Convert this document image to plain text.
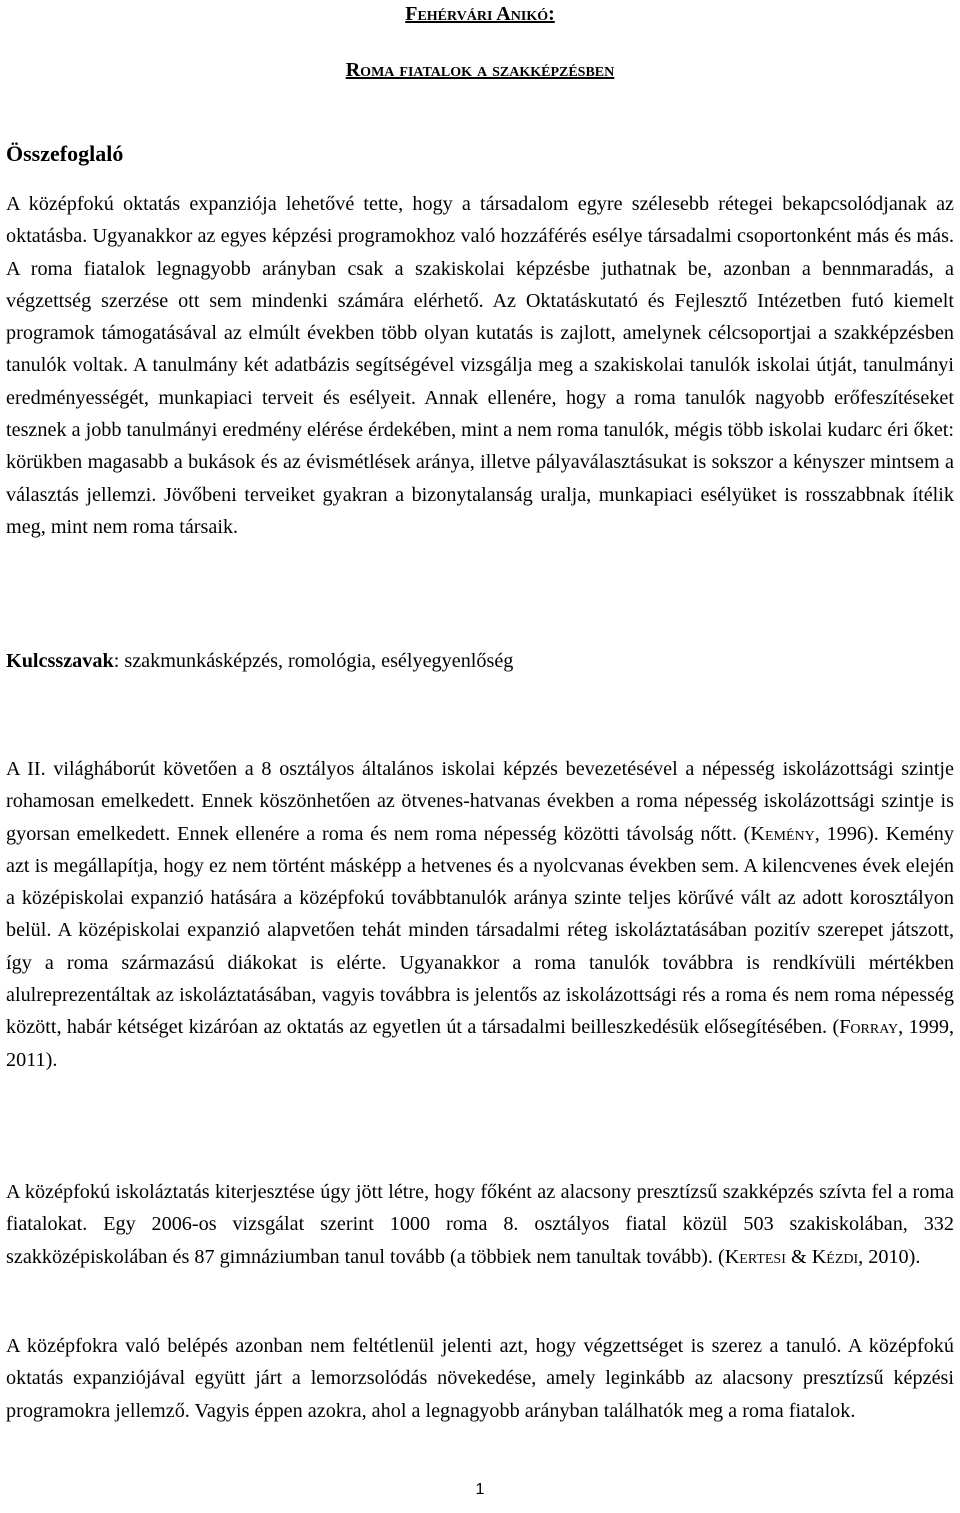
Fehérvári Anikó:
Roma fiatalok a szakképzésben
Összefoglaló

A középfokú oktatás expanziója lehetővé tette, hogy a társadalom egyre szélesebb rétegei bekapcsolódjanak az oktatásba. Ugyanakkor az egyes képzési programokhoz való hozzáférés esélye társadalmi csoportonként más és más. A roma fiatalok legnagyobb arányban csak a szakiskolai képzésbe juthatnak be, azonban a bennmaradás, a végzettség szerzése ott sem mindenki számára elérhető. Az Oktatáskutató és Fejlesztő Intézetben futó kiemelt programok támogatásával az elmúlt években több olyan kutatás is zajlott, amelynek célcsoportjai a szakképzésben tanulók voltak. A tanulmány két adatbázis segítségével vizsgálja meg a szakiskolai tanulók iskolai útját, tanulmányi eredményességét, munkapiaci terveit és esélyeit. Annak ellenére, hogy a roma tanulók nagyobb erőfeszítéseket tesznek a jobb tanulmányi eredmény elérése érdekében, mint a nem roma tanulók, mégis több iskolai kudarc éri őket: körükben magasabb a bukások és az évismétlések aránya, illetve pályaválasztásukat is sokszor a kényszer mintsem a választás jellemzi. Jövőbeni terveiket gyakran a bizonytalanság uralja, munkapiaci esélyüket is rosszabbnak ítélik meg, mint nem roma társaik.

Kulcsszavak: szakmunkásképzés, romológia, esélyegyenlőség

A II. világháborút követően a 8 osztályos általános iskolai képzés bevezetésével a népesség iskolázottsági szintje rohamosan emelkedett. Ennek köszönhetően az ötvenes-hatvanas években a roma népesség iskolázottsági szintje is gyorsan emelkedett. Ennek ellenére a roma és nem roma népesség közötti távolság nőtt. (Kemény, 1996). Kemény azt is megállapítja, hogy ez nem történt másképp a hetvenes és a nyolcvanas években sem. A kilencvenes évek elején a középiskolai expanzió hatására a középfokú továbbtanulók aránya szinte teljes körűvé vált az adott korosztályon belül. A középiskolai expanzió alapvetően tehát minden társadalmi réteg iskoláztatásában pozitív szerepet játszott, így a roma származású diákokat is elérte. Ugyanakkor a roma tanulók továbbra is rendkívüli mértékben alulreprezentáltak az iskoláztatásában, vagyis továbbra is jelentős az iskolázottsági rés a roma és nem roma népesség között, habár kétséget kizáróan az oktatás az egyetlen út a társadalmi beilleszkedésük elősegítésében. (Forray, 1999, 2011).

A középfokú iskoláztatás kiterjesztése úgy jött létre, hogy főként az alacsony presztízsű szakképzés szívta fel a roma fiatalokat. Egy 2006-os vizsgálat szerint 1000 roma 8. osztályos fiatal közül 503 szakiskolában, 332 szakközépiskolában és 87 gimnáziumban tanul tovább (a többiek nem tanultak tovább). (Kertesi & Kézdi, 2010).

A középfokra való belépés azonban nem feltétlenül jelenti azt, hogy végzettséget is szerez a tanuló. A középfokú oktatás expanziójával együtt járt a lemorzsolódás növekedése, amely leginkább az alacsony presztízsű képzési programokra jellemző. Vagyis éppen azokra, ahol a legnagyobb arányban találhatók meg a roma fiatalok.

1
